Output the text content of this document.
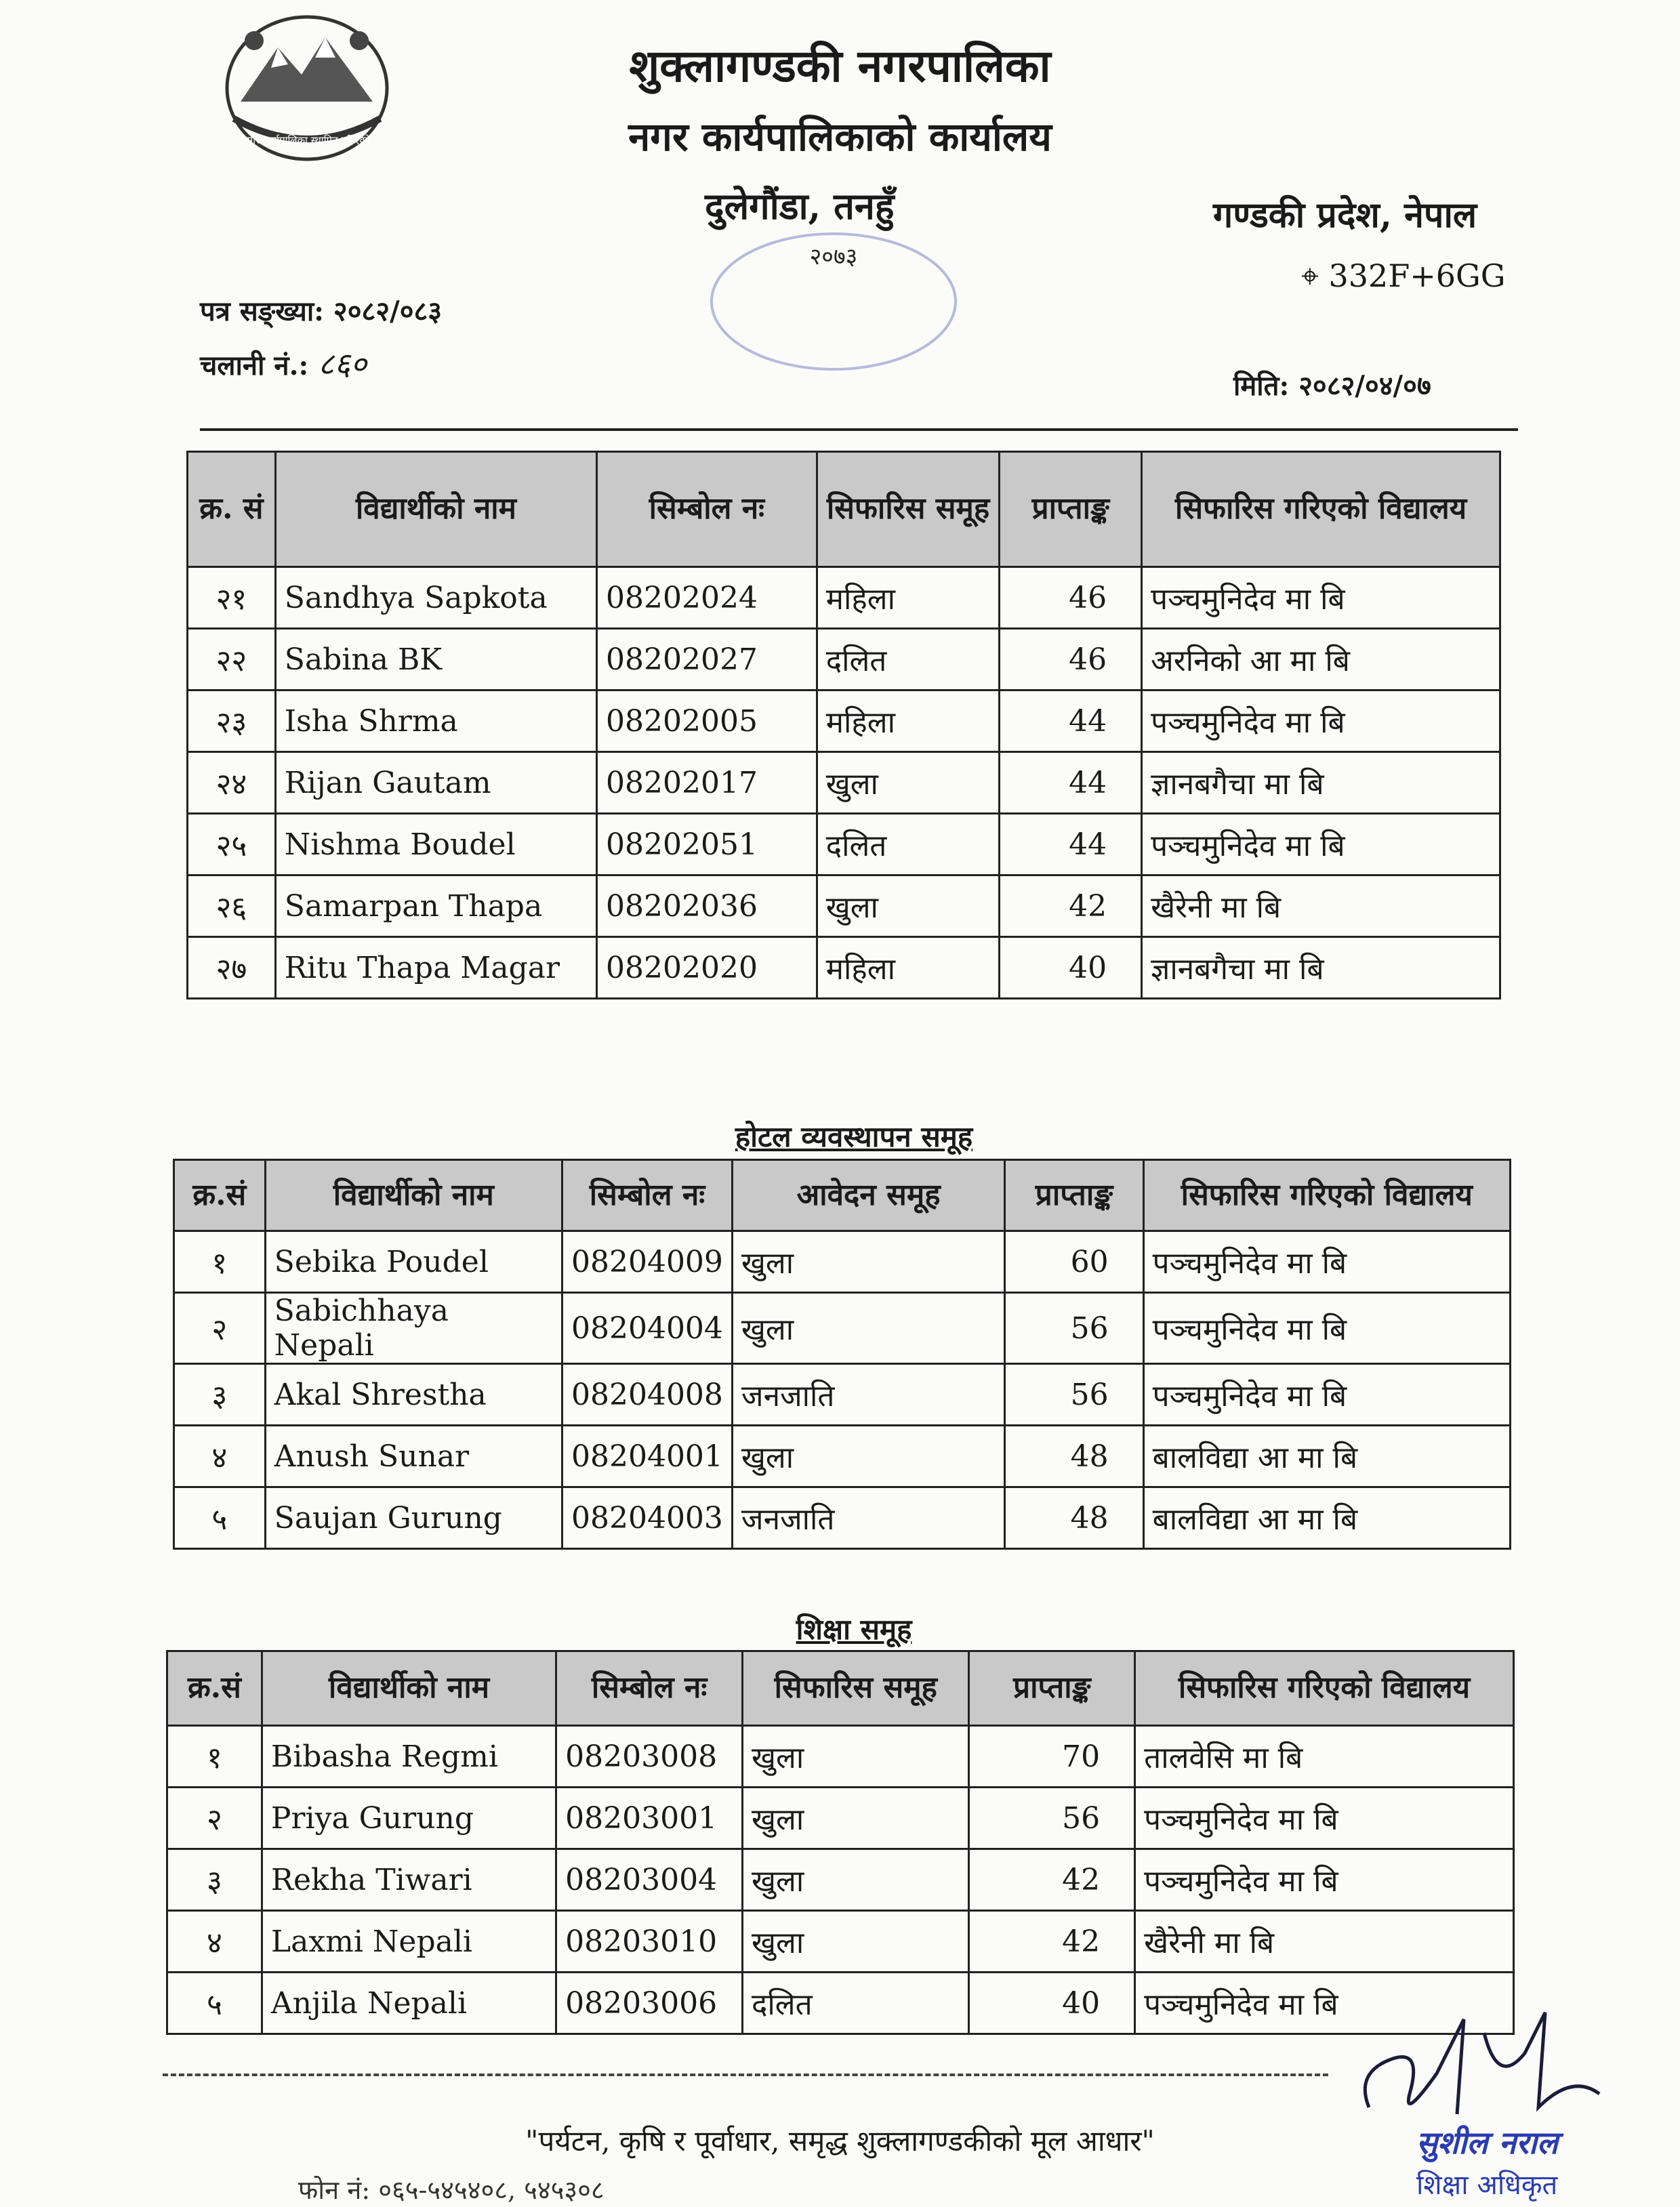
नगर कार्यपालिका स्थापित गरिएको
शुक्लागण्डकी नगरपालिका
नगर कार्यपालिकाको कार्यालय
दुलेगौंडा, तनहुँ	गण्डकी प्रदेश, नेपाल
⌖ 332F+6GG
२०७३
पत्र सङ्ख्या: २०८२/०८३
चलानी नं.: ८६०
मिति: २०८२/०४/०७
क्र. सं	विद्यार्थीको नाम	सिम्बोल नः	सिफारिस समूह	प्राप्ताङ्क	सिफारिस गरिएको विद्यालय
२१	Sandhya Sapkota	08202024	महिला	46	पञ्चमुनिदेव मा बि
२२	Sabina BK	08202027	दलित	46	अरनिको आ मा बि
२३	Isha Shrma	08202005	महिला	44	पञ्चमुनिदेव मा बि
२४	Rijan Gautam	08202017	खुला	44	ज्ञानबगैचा मा बि
२५	Nishma Boudel	08202051	दलित	44	पञ्चमुनिदेव मा बि
२६	Samarpan Thapa	08202036	खुला	42	खैरेनी मा बि
२७	Ritu Thapa Magar	08202020	महिला	40	ज्ञानबगैचा मा बि
होटल व्यवस्थापन समूह
क्र.सं	विद्यार्थीको नाम	सिम्बोल नः	आवेदन समूह	प्राप्ताङ्क	सिफारिस गरिएको विद्यालय
१	Sebika Poudel	08204009	खुला	60	पञ्चमुनिदेव मा बि
२	Sabichhaya Nepali	08204004	खुला	56	पञ्चमुनिदेव मा बि
३	Akal Shrestha	08204008	जनजाति	56	पञ्चमुनिदेव मा बि
४	Anush Sunar	08204001	खुला	48	बालविद्या आ मा बि
५	Saujan Gurung	08204003	जनजाति	48	बालविद्या आ मा बि
शिक्षा समूह
क्र.सं	विद्यार्थीको नाम	सिम्बोल नः	सिफारिस समूह	प्राप्ताङ्क	सिफारिस गरिएको विद्यालय
१	Bibasha Regmi	08203008	खुला	70	तालवेसि मा बि
२	Priya Gurung	08203001	खुला	56	पञ्चमुनिदेव मा बि
३	Rekha Tiwari	08203004	खुला	42	पञ्चमुनिदेव मा बि
४	Laxmi Nepali	08203010	खुला	42	खैरेनी मा बि
५	Anjila Nepali	08203006	दलित	40	पञ्चमुनिदेव मा बि
"पर्यटन, कृषि र पूर्वाधार, समृद्ध शुक्लागण्डकीको मूल आधार"
फोन नं: ०६५-५४५४०८, ५४५३०८
सुशील नराल
शिक्षा अधिकृत
